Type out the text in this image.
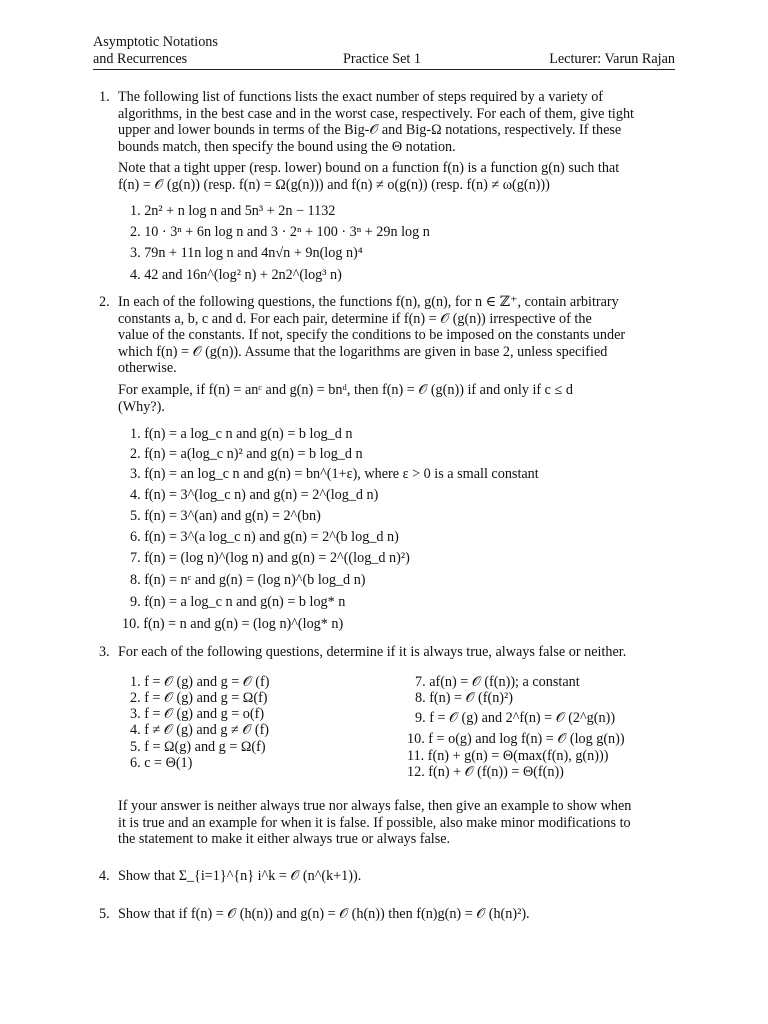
Asymptotic Notations
and Recurrences	Practice Set 1	Lecturer: Varun Rajan
1. The following list of functions lists the exact number of steps required by a variety of
algorithms, in the best case and in the worst case, respectively. For each of them, give tight
upper and lower bounds in terms of the Big-𝒪 and Big-Ω notations, respectively. If these
bounds match, then specify the bound using the Θ notation.
Note that a tight upper (resp. lower) bound on a function f(n) is a function g(n) such that
f(n) = 𝒪 (g(n)) (resp. f(n) = Ω(g(n))) and f(n) ≠ o(g(n)) (resp. f(n) ≠ ω(g(n)))
1. 2n² + n log n and 5n³ + 2n − 1132
2. 10 · 3ⁿ + 6n log n and 3 · 2ⁿ + 100 · 3ⁿ + 29n log n
3. 79n + 11n log n and 4n√n + 9n(log n)⁴
4. 42 and 16n^(log² n) + 2n2^(log³ n)
2. In each of the following questions, the functions f(n), g(n), for n ∈ ℤ⁺, contain arbitrary
constants a, b, c and d. For each pair, determine if f(n) = 𝒪 (g(n)) irrespective of the
value of the constants. If not, specify the conditions to be imposed on the constants under
which f(n) = 𝒪 (g(n)). Assume that the logarithms are given in base 2, unless specified
otherwise.
For example, if f(n) = anᶜ and g(n) = bnᵈ, then f(n) = 𝒪 (g(n)) if and only if c ≤ d
(Why?).
1. f(n) = a log_c n and g(n) = b log_d n
2. f(n) = a(log_c n)² and g(n) = b log_d n
3. f(n) = an log_c n and g(n) = bn^(1+ε), where ε > 0 is a small constant
4. f(n) = 3^(log_c n) and g(n) = 2^(log_d n)
5. f(n) = 3^(an) and g(n) = 2^(bn)
6. f(n) = 3^(a log_c n) and g(n) = 2^(b log_d n)
7. f(n) = (log n)^(log n) and g(n) = 2^((log_d n)²)
8. f(n) = nᶜ and g(n) = (log n)^(b log_d n)
9. f(n) = a log_c n and g(n) = b log* n
10. f(n) = n and g(n) = (log n)^(log* n)
3. For each of the following questions, determine if it is always true, always false or neither.
1. f = 𝒪 (g) and g = 𝒪 (f)
2. f = 𝒪 (g) and g = Ω(f)
3. f = 𝒪 (g) and g = o(f)
4. f ≠ 𝒪 (g) and g ≠ 𝒪 (f)
5. f = Ω(g) and g = Ω(f)
6. c = Θ(1)
7. af(n) = 𝒪 (f(n)); a constant
8. f(n) = 𝒪 (f(n)²)
9. f = 𝒪 (g) and 2^f(n) = 𝒪 (2^g(n))
10. f = o(g) and log f(n) = 𝒪 (log g(n))
11. f(n) + g(n) = Θ(max(f(n), g(n)))
12. f(n) + 𝒪 (f(n)) = Θ(f(n))
If your answer is neither always true nor always false, then give an example to show when
it is true and an example for when it is false. If possible, also make minor modifications to
the statement to make it either always true or always false.
4. Show that Σ_{i=1}^{n} i^k = 𝒪 (n^(k+1)).
5. Show that if f(n) = 𝒪 (h(n)) and g(n) = 𝒪 (h(n)) then f(n)g(n) = 𝒪 (h(n)²).
